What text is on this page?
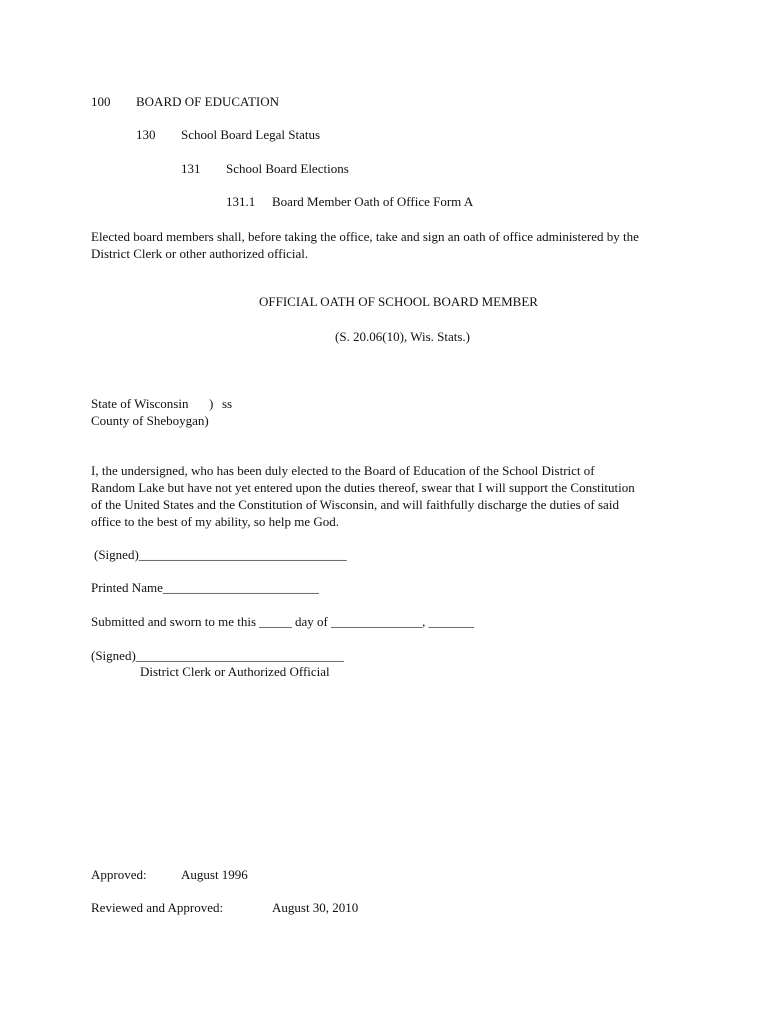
100 BOARD OF EDUCATION
130 School Board Legal Status
131 School Board Elections
131.1 Board Member Oath of Office Form A
Elected board members shall, before taking the office, take and sign an oath of office administered by the
District Clerk or other authorized official.
OFFICIAL OATH OF SCHOOL BOARD MEMBER
(S. 20.06(10), Wis. Stats.)
State of Wisconsin ) ss
County of Sheboygan)
I, the undersigned, who has been duly elected to the Board of Education of the School District of
Random Lake but have not yet entered upon the duties thereof, swear that I will support the Constitution
of the United States and the Constitution of Wisconsin, and will faithfully discharge the duties of said
office to the best of my ability, so help me God.
(Signed)________________________________
Printed Name________________________
Submitted and sworn to me this _____ day of ______________, _______
(Signed)________________________________
District Clerk or Authorized Official
Approved:	August 1996
Reviewed and Approved:	August 30, 2010
